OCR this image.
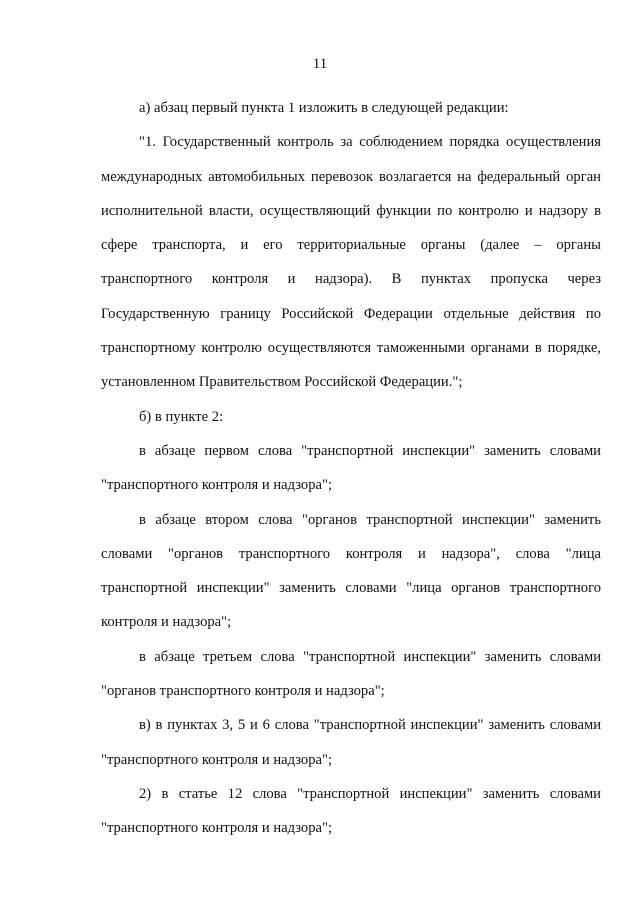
11

а) абзац первый пункта 1 изложить в следующей редакции:

"1. Государственный контроль за соблюдением порядка осуществления международных автомобильных перевозок возлагается на федеральный орган исполнительной власти, осуществляющий функции по контролю и надзору в сфере транспорта, и его территориальные органы (далее – органы транспортного контроля и надзора). В пунктах пропуска через Государственную границу Российской Федерации отдельные действия по транспортному контролю осуществляются таможенными органами в порядке, установленном Правительством Российской Федерации.";

б) в пункте 2:

в абзаце первом слова "транспортной инспекции" заменить словами "транспортного контроля и надзора";

в абзаце втором слова "органов транспортной инспекции" заменить словами "органов транспортного контроля и надзора", слова "лица транспортной инспекции" заменить словами "лица органов транспортного контроля и надзора";

в абзаце третьем слова "транспортной инспекции" заменить словами "органов транспортного контроля и надзора";

в) в пунктах 3, 5 и 6 слова "транспортной инспекции" заменить словами "транспортного контроля и надзора";

2) в статье 12 слова "транспортной инспекции" заменить словами "транспортного контроля и надзора";
